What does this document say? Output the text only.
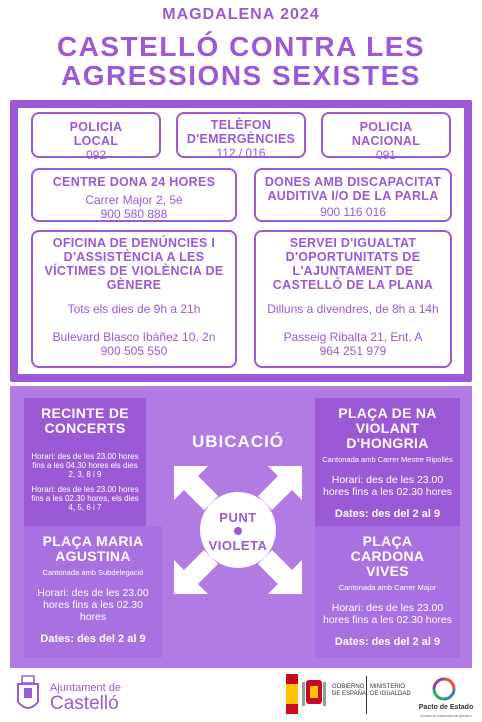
MAGDALENA 2024
CASTELLÓ CONTRA LES
AGRESSIONS SEXISTES
POLICIA LOCAL
092
TELÈFON D'EMERGÈNCIES
112 / 016
POLICIA NACIONAL
091
CENTRE DONA 24 HORES
Carrer Major 2, 5é
900 580 888
DONES AMB DISCAPACITAT AUDITIVA I/O DE LA PARLA
900 116 016
OFICINA DE DENÚNCIES I D'ASSISTÈNCIA A LES VÍCTIMES DE VIOLÈNCIA DE GÈNERE
Tots els dies de 9h a 21h
Bulevard Blasco Ibáñez 10, 2n
900 505 550
SERVEI D'IGUALTAT D'OPORTUNITATS DE L'AJUNTAMENT DE CASTELLÓ DE LA PLANA
Dilluns a divendres, de 8h a 14h
Passeig Ribalta 21, Ent. A
964 251 979
RECINTE DE CONCERTS
Horari: des de les 23.00 hores fins a les 04.30 hores els dies 2, 3, 8 i 9
Horari: des de les 23.00 hores fins a les 02.30 hores, els dies 4, 5, 6 i 7
PLAÇA MARIA AGUSTINA
Cantonada amb Subdelegació
Horari: des de les 23.00 hores fins a les 02.30 hores
Dates: des del 2 al 9
PLAÇA DE NA VIOLANT D'HONGRIA
Cantonada amb Carrer Mestre Ripollés
Horari: des de les 23.00 hores fins a les 02.30 hores
Dates: des del 2 al 9
PLAÇA CARDONA VIVES
Cantonada amb Carrer Major
Horari: des de les 23.00 hores fins a les 02.30 hores
Dates: des del 2 al 9
UBICACIÓ
PUNT
VIOLETA
Ajuntament de
Castelló
GOBIERNO DE ESPAÑA
MINISTERIO DE IGUALDAD
Pacto de Estado
contra la violencia de género
